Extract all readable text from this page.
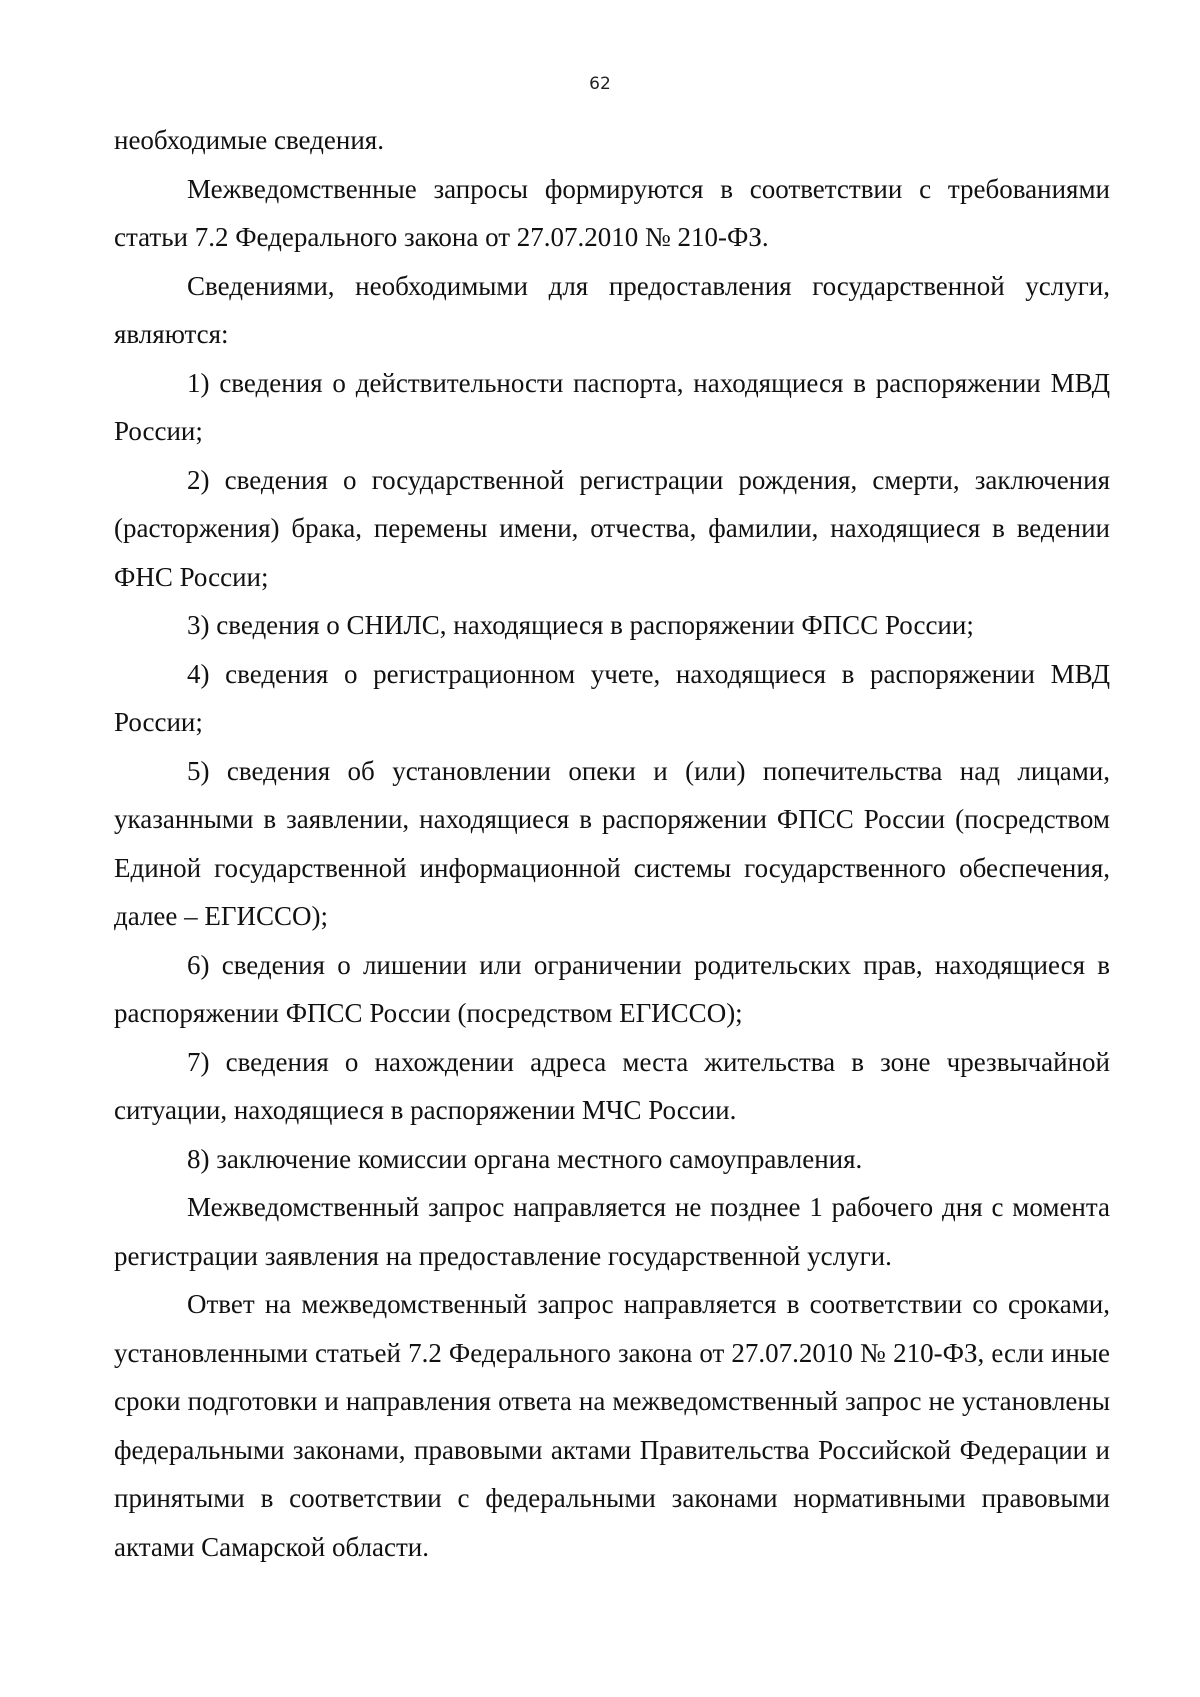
62

необходимые сведения.

Межведомственные запросы формируются в соответствии с требованиями статьи 7.2 Федерального закона от 27.07.2010 № 210-ФЗ.

Сведениями, необходимыми для предоставления государственной услуги, являются:

1) сведения о действительности паспорта, находящиеся в распоряжении МВД России;

2) сведения о государственной регистрации рождения, смерти, заключения (расторжения) брака, перемены имени, отчества, фамилии, находящиеся в ведении ФНС России;

3) сведения о СНИЛС, находящиеся в распоряжении ФПСС России;

4) сведения о регистрационном учете, находящиеся в распоряжении МВД России;

5) сведения об установлении опеки и (или) попечительства над лицами, указанными в заявлении, находящиеся в распоряжении ФПСС России (посредством Единой государственной информационной системы государственного обеспечения, далее – ЕГИССО);

6) сведения о лишении или ограничении родительских прав, находящиеся в распоряжении ФПСС России (посредством ЕГИССО);

7) сведения о нахождении адреса места жительства в зоне чрезвычайной ситуации, находящиеся в распоряжении МЧС России.

8) заключение комиссии органа местного самоуправления.

Межведомственный запрос направляется не позднее 1 рабочего дня с момента регистрации заявления на предоставление государственной услуги.

Ответ на межведомственный запрос направляется в соответствии со сроками, установленными статьей 7.2 Федерального закона от 27.07.2010 № 210-ФЗ, если иные сроки подготовки и направления ответа на межведомственный запрос не установлены федеральными законами, правовыми актами Правительства Российской Федерации и принятыми в соответствии с федеральными законами нормативными правовыми актами Самарской области.
